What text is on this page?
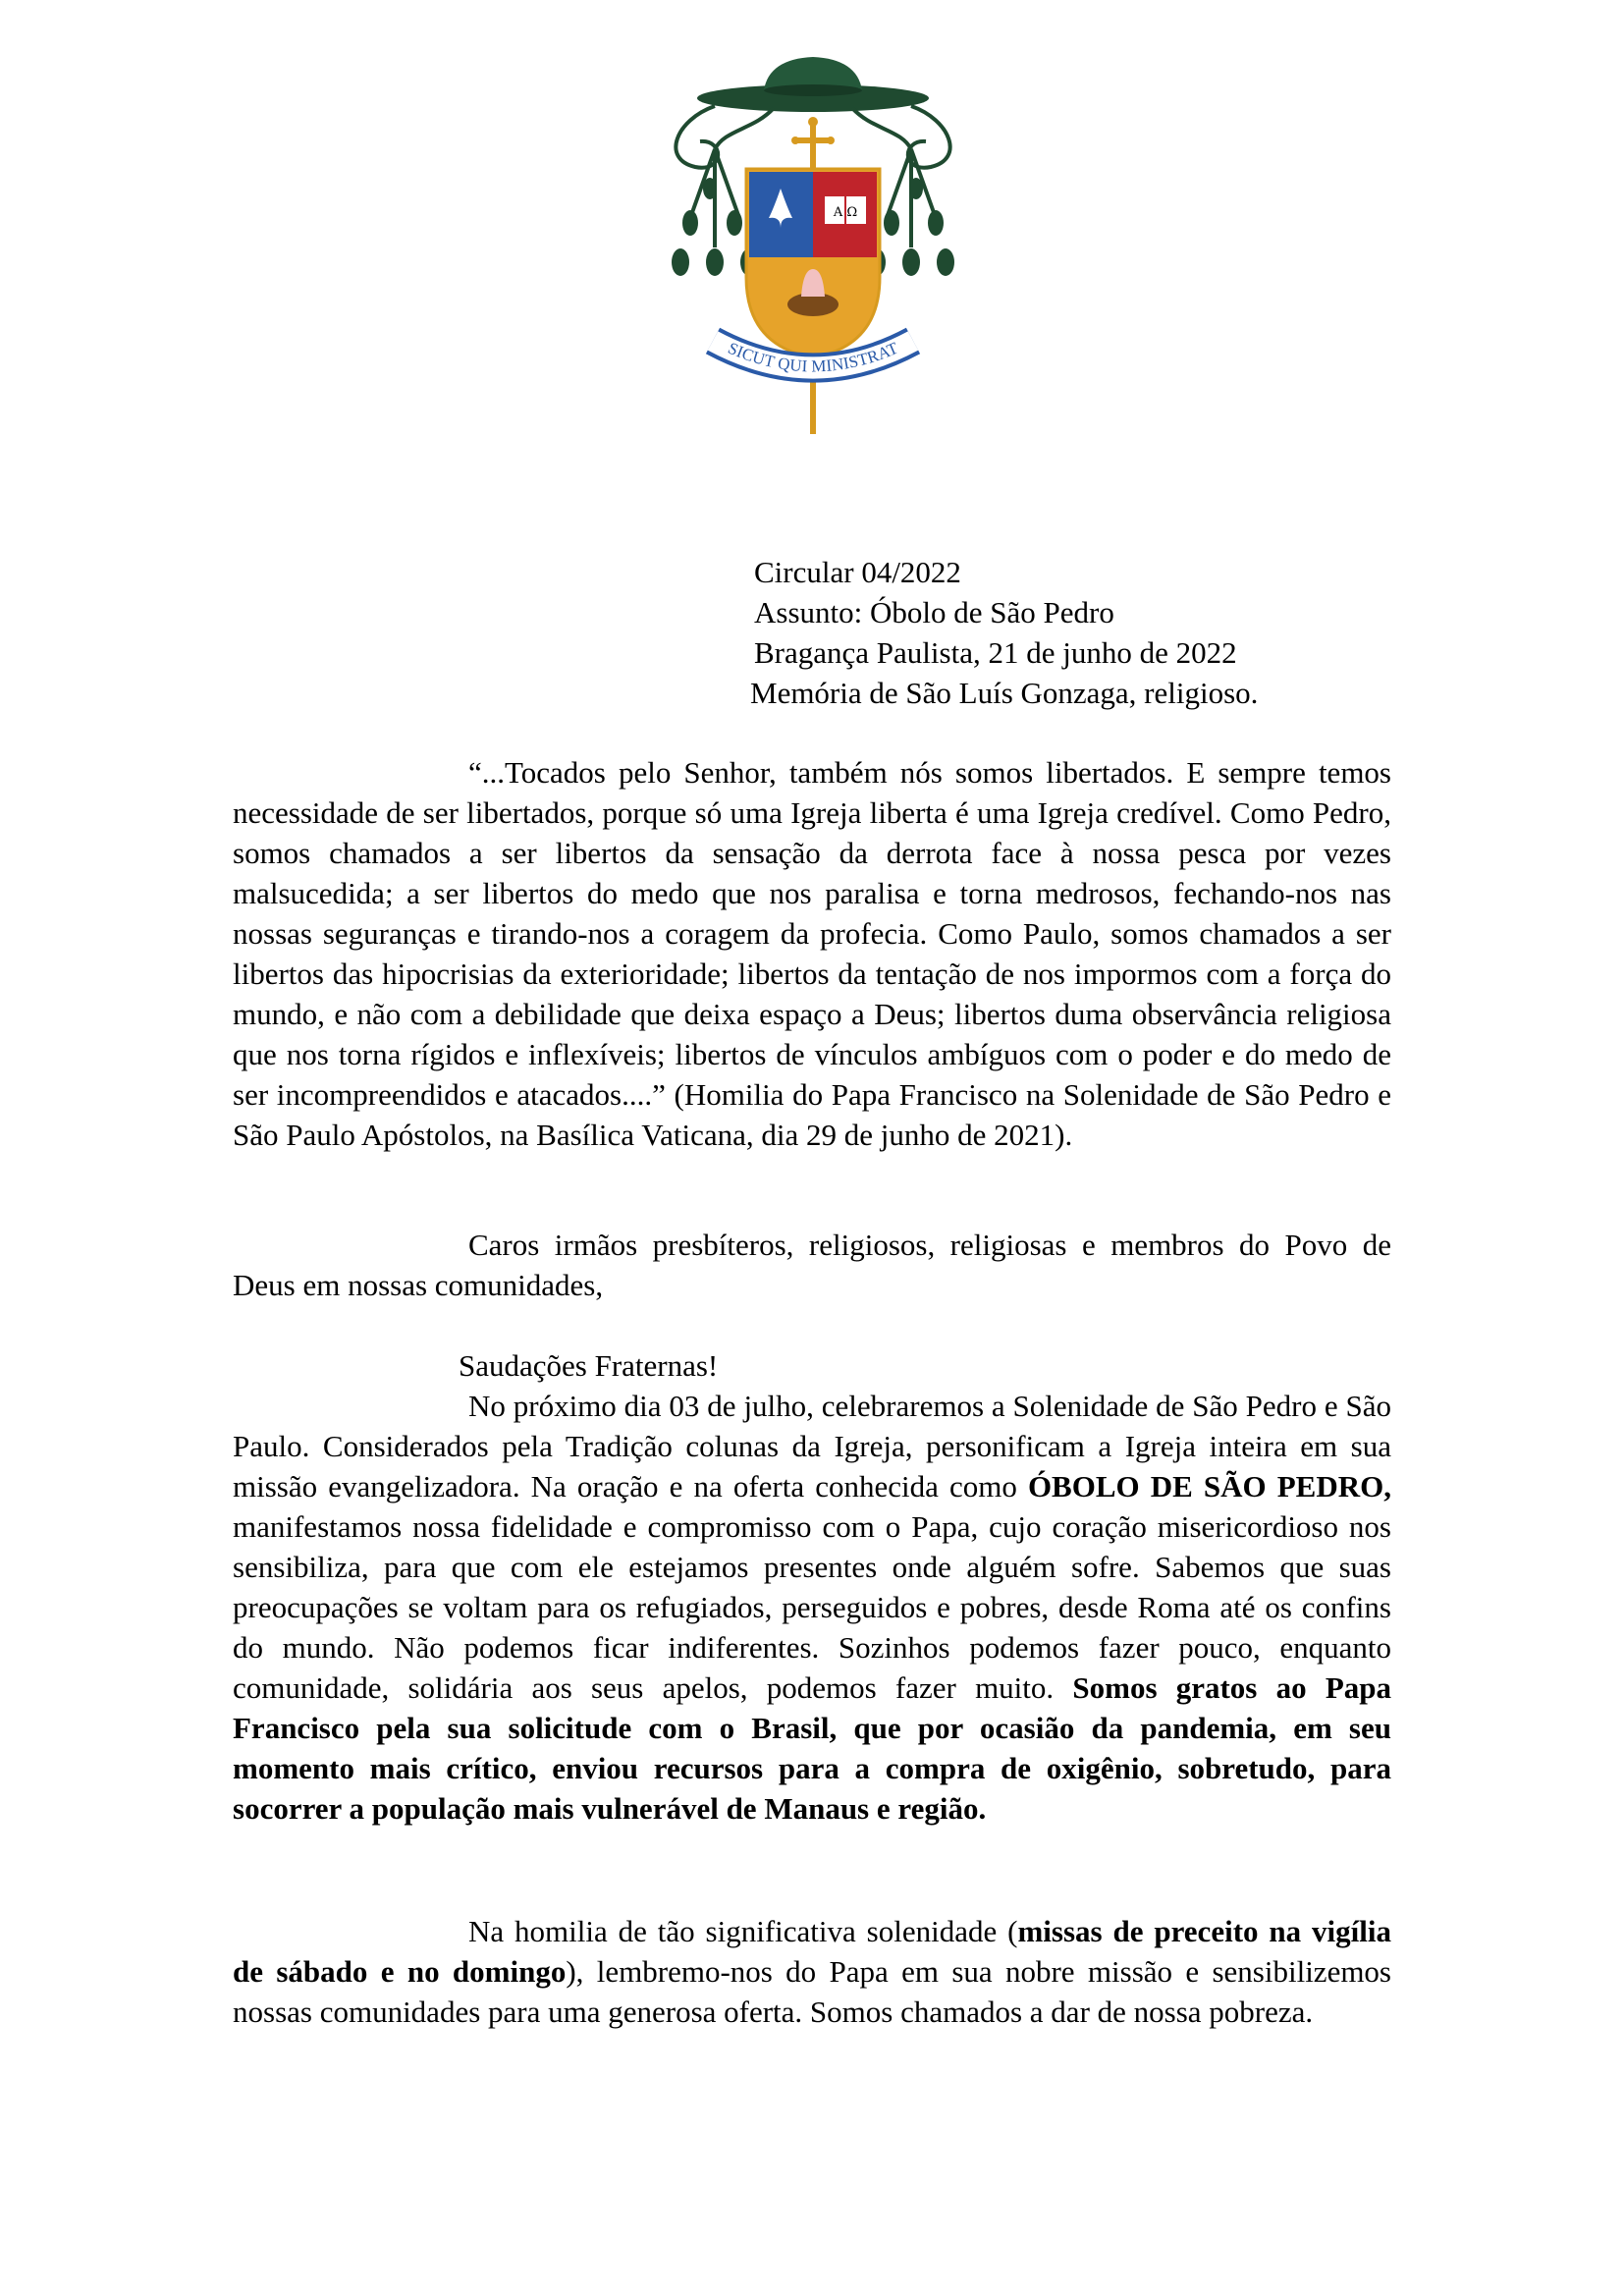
A Ω
SICUT QUI MINISTRAT
Circular 04/2022
Assunto: Óbolo de São Pedro
Bragança Paulista, 21 de junho de 2022
Memória de São Luís Gonzaga, religioso.

“...Tocados pelo Senhor, também nós somos libertados. E sempre temos necessidade de ser libertados, porque só uma Igreja liberta é uma Igreja credível. Como Pedro, somos chamados a ser libertos da sensação da derrota face à nossa pesca por vezes malsucedida; a ser libertos do medo que nos paralisa e torna medrosos, fechando-nos nas nossas seguranças e tirando-nos a coragem da profecia. Como Paulo, somos chamados a ser libertos das hipocrisias da exterioridade; libertos da tentação de nos impormos com a força do mundo, e não com a debilidade que deixa espaço a Deus; libertos duma observância religiosa que nos torna rígidos e inflexíveis; libertos de vínculos ambíguos com o poder e do medo de ser incompreendidos e atacados....” (Homilia do Papa Francisco na Solenidade de São Pedro e São Paulo Apóstolos, na Basílica Vaticana, dia 29 de junho de 2021).

Caros irmãos presbíteros, religiosos, religiosas e membros do Povo de Deus em nossas comunidades,

Saudações Fraternas!

No próximo dia 03 de julho, celebraremos a Solenidade de São Pedro e São Paulo. Considerados pela Tradição colunas da Igreja, personificam a Igreja inteira em sua missão evangelizadora. Na oração e na oferta conhecida como ÓBOLO DE SÃO PEDRO, manifestamos nossa fidelidade e compromisso com o Papa, cujo coração misericordioso nos sensibiliza, para que com ele estejamos presentes onde alguém sofre. Sabemos que suas preocupações se voltam para os refugiados, perseguidos e pobres, desde Roma até os confins do mundo. Não podemos ficar indiferentes. Sozinhos podemos fazer pouco, enquanto comunidade, solidária aos seus apelos, podemos fazer muito. Somos gratos ao Papa Francisco pela sua solicitude com o Brasil, que por ocasião da pandemia, em seu momento mais crítico, enviou recursos para a compra de oxigênio, sobretudo, para socorrer a população mais vulnerável de Manaus e região.

Na homilia de tão significativa solenidade (missas de preceito na vigília de sábado e no domingo), lembremo-nos do Papa em sua nobre missão e sensibilizemos nossas comunidades para uma generosa oferta. Somos chamados a dar de nossa pobreza.
